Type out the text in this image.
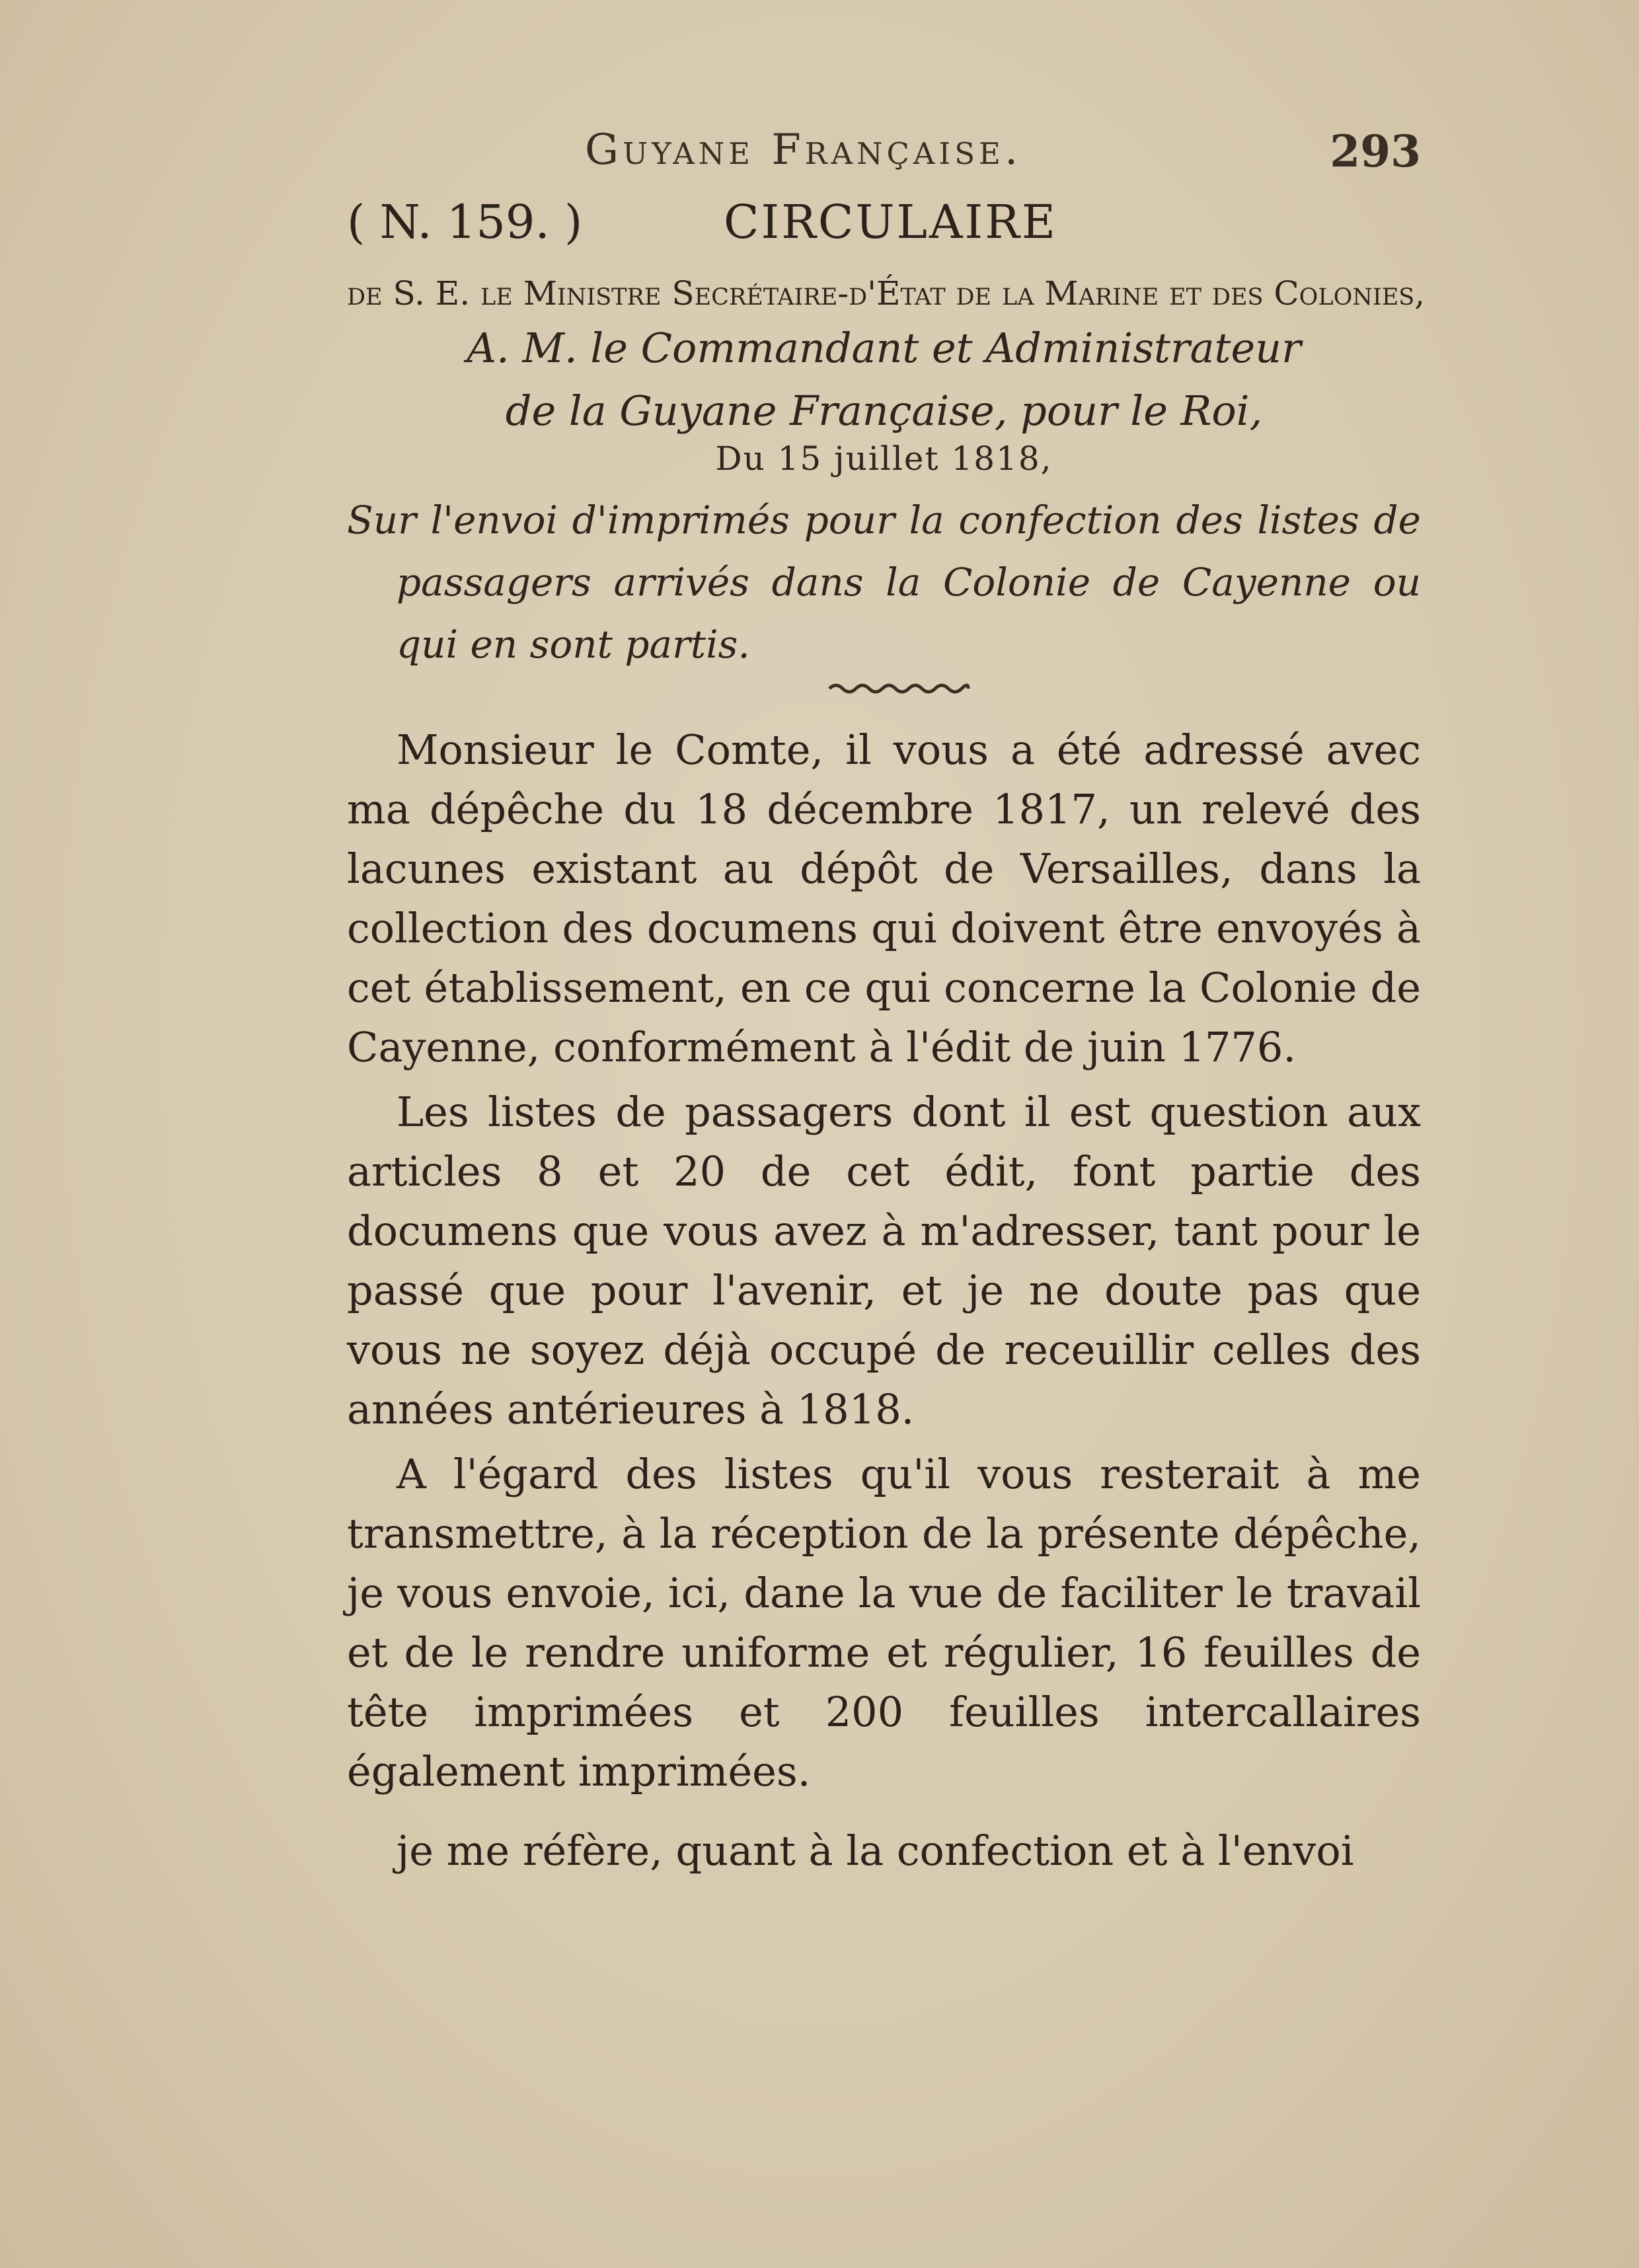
Guyane Française.	293
( N. 159. )	CIRCULAIRE
de S. E. le Ministre Secrétaire-d'État de la Marine et des Colonies,
A. M. le Commandant et Administrateur
de la Guyane Française, pour le Roi,
Du 15 juillet 1818,
Sur l'envoi d'imprimés pour la confection des listes de passagers arrivés dans la Colonie de Cayenne ou qui en sont partis.

Monsieur le Comte, il vous a été adressé avec ma dépêche du 18 décembre 1817, un relevé des lacunes existant au dépôt de Versailles, dans la collection des documens qui doivent être envoyés à cet établissement, en ce qui concerne la Colonie de Cayenne, conformément à l'édit de juin 1776.

Les listes de passagers dont il est question aux articles 8 et 20 de cet édit, font partie des documens que vous avez à m'adresser, tant pour le passé que pour l'avenir, et je ne doute pas que vous ne soyez déjà occupé de receuillir celles des années antérieures à 1818.

A l'égard des listes qu'il vous resterait à me transmettre, à la réception de la présente dépêche, je vous envoie, ici, dane la vue de faciliter le travail et de le rendre uniforme et régulier, 16 feuilles de tête imprimées et 200 feuilles intercallaires également imprimées.

je me réfère, quant à la confection et à l'envoi
